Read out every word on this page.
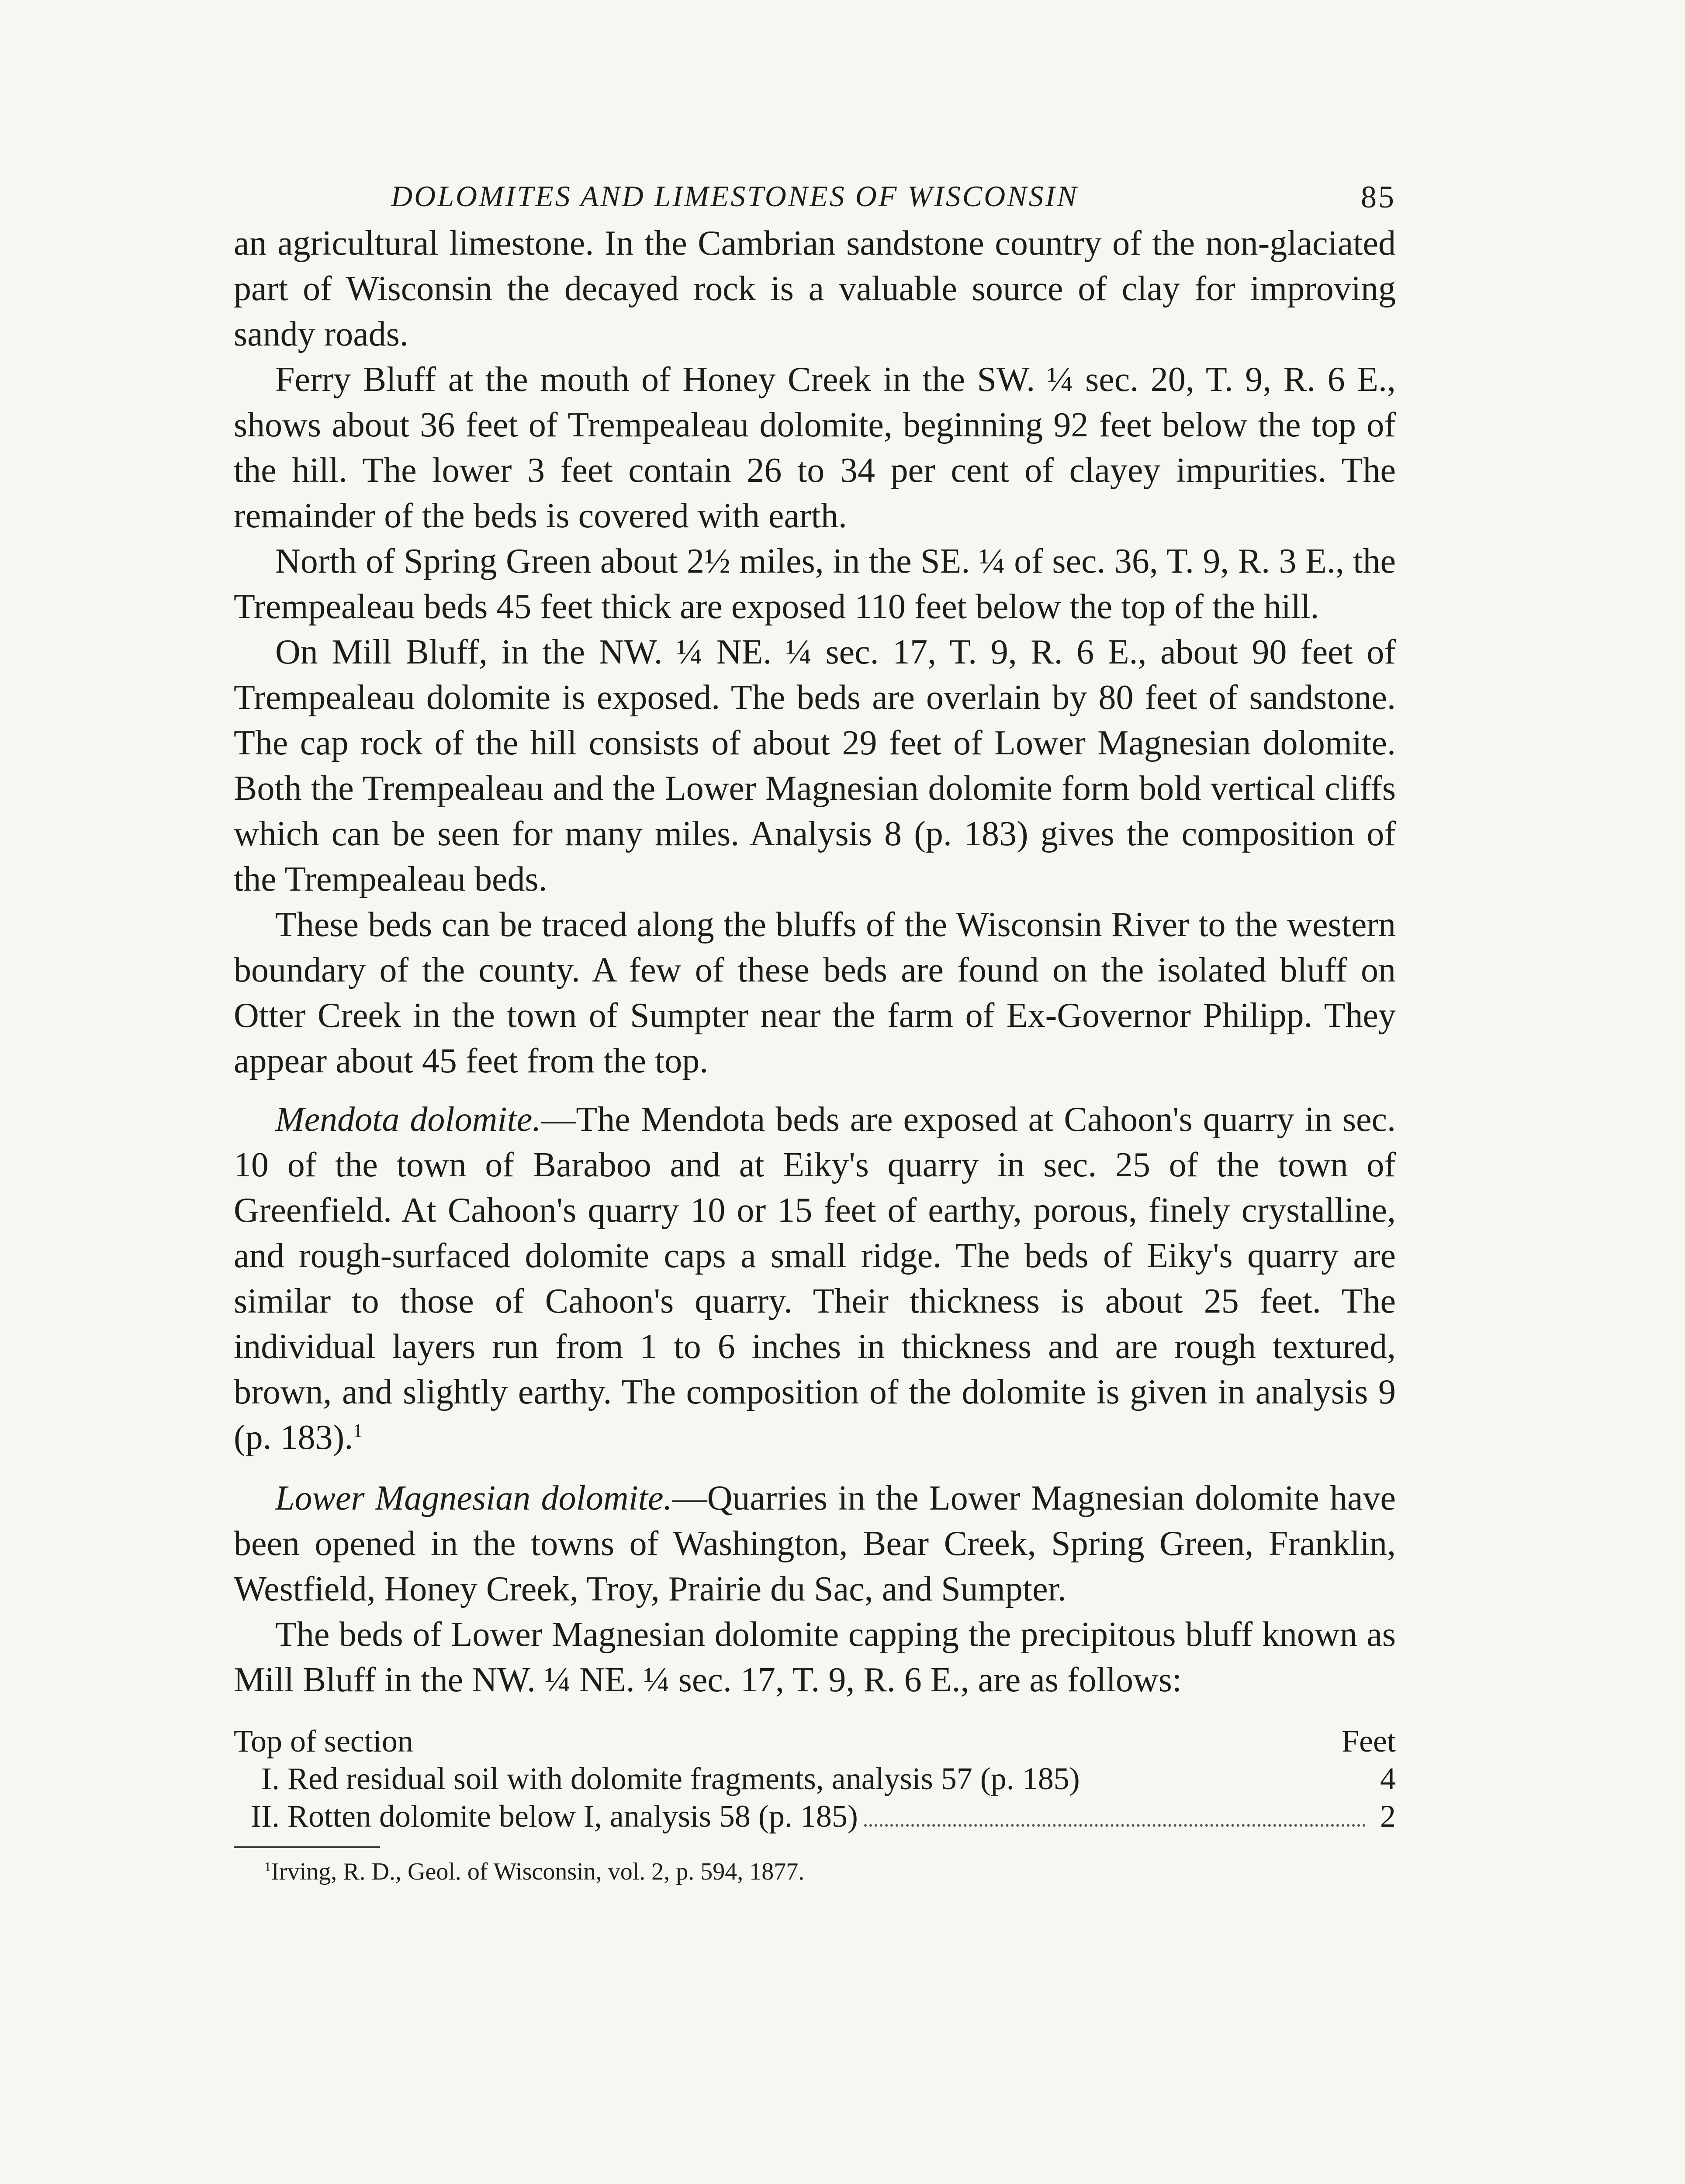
DOLOMITES AND LIMESTONES OF WISCONSIN	85

an agricultural limestone. In the Cambrian sandstone country of the non-glaciated part of Wisconsin the decayed rock is a valuable source of clay for improving sandy roads.

Ferry Bluff at the mouth of Honey Creek in the SW. ¼ sec. 20, T. 9, R. 6 E., shows about 36 feet of Trempealeau dolomite, beginning 92 feet below the top of the hill. The lower 3 feet contain 26 to 34 per cent of clayey impurities. The remainder of the beds is covered with earth.

North of Spring Green about 2½ miles, in the SE. ¼ of sec. 36, T. 9, R. 3 E., the Trempealeau beds 45 feet thick are exposed 110 feet below the top of the hill.

On Mill Bluff, in the NW. ¼ NE. ¼ sec. 17, T. 9, R. 6 E., about 90 feet of Trempealeau dolomite is exposed. The beds are overlain by 80 feet of sandstone. The cap rock of the hill consists of about 29 feet of Lower Magnesian dolomite. Both the Trempealeau and the Lower Magnesian dolomite form bold vertical cliffs which can be seen for many miles. Analysis 8 (p. 183) gives the composition of the Trempealeau beds.

These beds can be traced along the bluffs of the Wisconsin River to the western boundary of the county. A few of these beds are found on the isolated bluff on Otter Creek in the town of Sumpter near the farm of Ex-Governor Philipp. They appear about 45 feet from the top.

Mendota dolomite.—The Mendota beds are exposed at Cahoon's quarry in sec. 10 of the town of Baraboo and at Eiky's quarry in sec. 25 of the town of Greenfield. At Cahoon's quarry 10 or 15 feet of earthy, porous, finely crystalline, and rough-surfaced dolomite caps a small ridge. The beds of Eiky's quarry are similar to those of Cahoon's quarry. Their thickness is about 25 feet. The individual layers run from 1 to 6 inches in thickness and are rough textured, brown, and slightly earthy. The composition of the dolomite is given in analysis 9 (p. 183).$^1$

Lower Magnesian dolomite.—Quarries in the Lower Magnesian dolomite have been opened in the towns of Washington, Bear Creek, Spring Green, Franklin, Westfield, Honey Creek, Troy, Prairie du Sac, and Sumpter.

The beds of Lower Magnesian dolomite capping the precipitous bluff known as Mill Bluff in the NW. ¼ NE. ¼ sec. 17, T. 9, R. 6 E., are as follows:

Top of section	Feet
I. Red residual soil with dolomite fragments, analysis 57 (p. 185)	4
II. Rotten dolomite below I, analysis 58 (p. 185)	2
$^1$Irving, R. D., Geol. of Wisconsin, vol. 2, p. 594, 1877.
